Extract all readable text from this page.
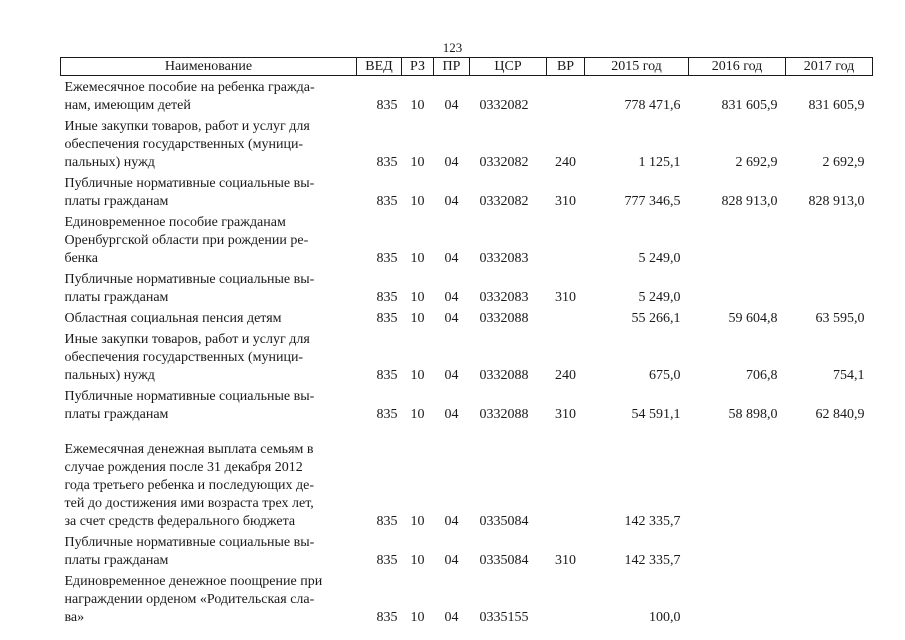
123
Наименование	ВЕД	РЗ	ПР	ЦСР	ВР	2015 год	2016 год	2017 год
Ежемесячное пособие на ребенка гражда-
нам, имеющим детей	835	10	04	0332082		778 471,6	831 605,9	831 605,9
Иные закупки товаров, работ и услуг для
обеспечения государственных (муници-
пальных) нужд	835	10	04	0332082	240	1 125,1	2 692,9	2 692,9
Публичные нормативные социальные вы-
платы гражданам	835	10	04	0332082	310	777 346,5	828 913,0	828 913,0
Единовременное пособие гражданам
Оренбургской области при рождении ре-
бенка	835	10	04	0332083		5 249,0		
Публичные нормативные социальные вы-
платы гражданам	835	10	04	0332083	310	5 249,0		
Областная социальная пенсия детям	835	10	04	0332088		55 266,1	59 604,8	63 595,0
Иные закупки товаров, работ и услуг для
обеспечения государственных (муници-
пальных) нужд	835	10	04	0332088	240	675,0	706,8	754,1
Публичные нормативные социальные вы-
платы гражданам	835	10	04	0332088	310	54 591,1	58 898,0	62 840,9
Ежемесячная денежная выплата семьям в
случае рождения после 31 декабря 2012
года третьего ребенка и последующих де-
тей до достижения ими возраста трех лет,
за счет средств федерального бюджета	835	10	04	0335084		142 335,7		
Публичные нормативные социальные вы-
платы гражданам	835	10	04	0335084	310	142 335,7		
Единовременное денежное поощрение при
награждении орденом «Родительская сла-
ва»	835	10	04	0335155		100,0		
